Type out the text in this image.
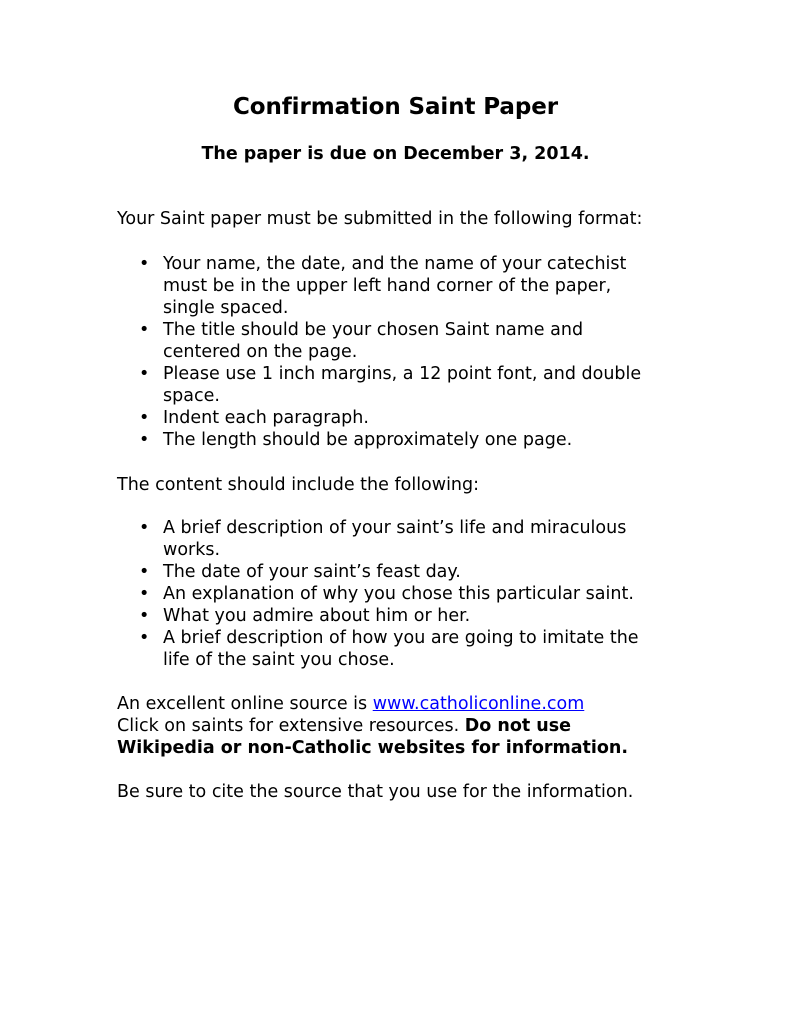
Confirmation Saint Paper
The paper is due on December 3, 2014.
Your Saint paper must be submitted in the following format:
• Your name, the date, and the name of your catechist
must be in the upper left hand corner of the paper,
single spaced.
• The title should be your chosen Saint name and
centered on the page.
• Please use 1 inch margins, a 12 point font, and double
space.
• Indent each paragraph.
• The length should be approximately one page.
The content should include the following:
• A brief description of your saint’s life and miraculous
works.
• The date of your saint’s feast day.
• An explanation of why you chose this particular saint.
• What you admire about him or her.
• A brief description of how you are going to imitate the
life of the saint you chose.
An excellent online source is www.catholiconline.com
Click on saints for extensive resources. Do not use
Wikipedia or non-Catholic websites for information.
Be sure to cite the source that you use for the information.
